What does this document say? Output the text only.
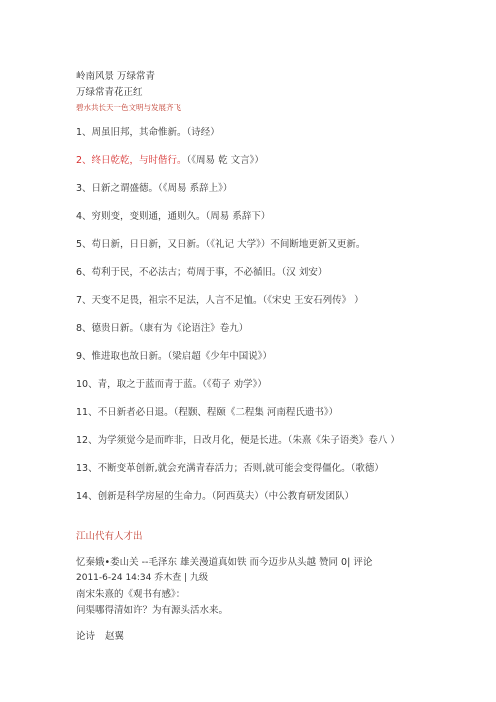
岭南风景 万绿常青
万绿常青花正红
碧水共长天一色文明与发展齐飞
1、周虽旧邦，其命惟新。（诗经）
2、终日乾乾，与时偕行。（《周易 乾 文言》）
3、日新之谓盛德。（《周易 系辞上》）
4、穷则变，变则通，通则久。（周易 系辞下）
5、苟日新，日日新，又日新。（《礼记 大学》）不间断地更新又更新。
6、苟利于民，不必法古；苟周于事，不必循旧。（汉 刘安）
7、天变不足畏，祖宗不足法，人言不足恤。（《宋史 王安石列传》 ）
8、德贵日新。（康有为《论语注》卷九）
9、惟进取也故日新。（梁启超《少年中国说》）
10、青，取之于蓝而青于蓝。（《荀子 劝学》）
11、不日新者必日退。（程颢、程颐《二程集 河南程氏遗书》）
12、为学须觉今是而昨非，日改月化，便是长进。（朱熹《朱子语类》卷八 ）
13、不断变革创新,就会充满青春活力；否则,就可能会变得僵化。（歌德）
14、创新是科学房屋的生命力。（阿西莫夫）（中公教育研发团队）
江山代有人才出
忆秦娥•娄山关 --毛泽东 雄关漫道真如铁 而今迈步从头越 赞同 0| 评论
2011-6-24 14:34 乔木查 | 九级
南宋朱熹的《观书有感》：
问渠哪得清如许？为有源头活水来。
论诗 赵翼
